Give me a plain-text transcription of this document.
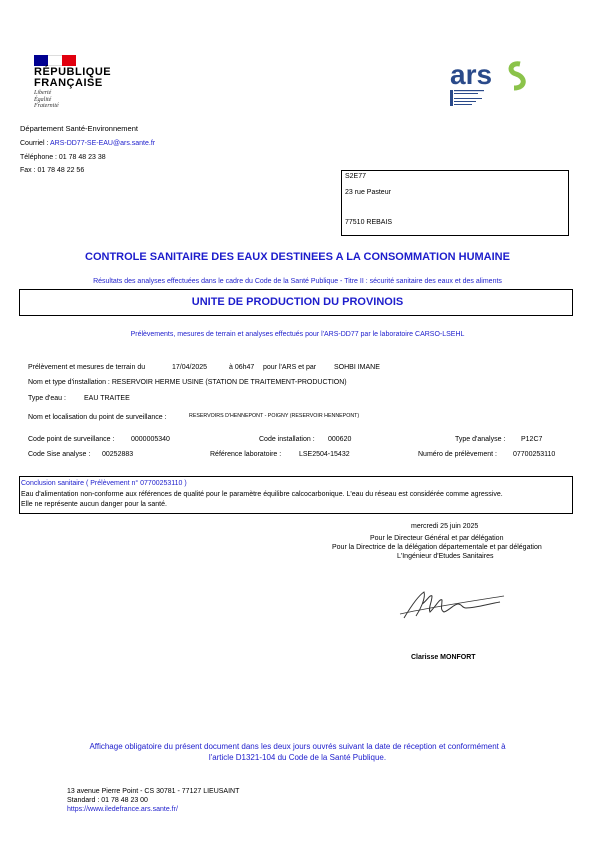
RÉPUBLIQUE
FRANÇAISE
Liberté
Égalité
Fraternité
ars
Département Santé-Environnement
Courriel : ARS-DD77-SE-EAU@ars.sante.fr
Téléphone : 01 78 48 23 38
Fax : 01 78 48 22 56
S2E77
23 rue Pasteur
77510 REBAIS
CONTROLE SANITAIRE DES EAUX DESTINEES A LA CONSOMMATION HUMAINE
Résultats des analyses effectuées dans le cadre du Code de la Santé Publique - Titre II : sécurité sanitaire des eaux et des aliments
UNITE DE PRODUCTION DU PROVINOIS
Prélèvements, mesures de terrain et analyses effectués pour l'ARS-DD77 par le laboratoire CARSO-LSEHL
Prélèvement et mesures de terrain du	17/04/2025	à 06h47 pour l'ARS et par	SOHBI IMANE
Nom et type d'installation : RESERVOIR HERME USINE (STATION DE TRAITEMENT-PRODUCTION)
Type d'eau :	EAU TRAITEE
Nom et localisation du point de surveillance :	RESERVOIRS D'HENNEPONT - POIGNY (RESERVOIR HENNEPONT)
Code point de surveillance : 0000005340	Code installation : 000620	Type d'analyse : P12C7
Code Sise analyse : 00252883	Référence laboratoire :	LSE2504-15432	Numéro de prélèvement : 07700253110
Conclusion sanitaire ( Prélèvement n° 07700253110 )
Eau d'alimentation non-conforme aux références de qualité pour le paramètre équilibre calcocarbonique. L'eau du réseau est considérée comme agressive.
Elle ne représente aucun danger pour la santé.
mercredi 25 juin 2025
Pour le Directeur Général et par délégation
Pour la Directrice de la délégation départementale et par délégation
L'Ingénieur d'Etudes Sanitaires
Clarisse MONFORT
Affichage obligatoire du présent document dans les deux jours ouvrés suivant la date de réception et conformément à
l'article D1321-104 du Code de la Santé Publique.
13 avenue Pierre Point - CS 30781 - 77127 LIEUSAINT
Standard : 01 78 48 23 00
https://www.iledefrance.ars.sante.fr/
